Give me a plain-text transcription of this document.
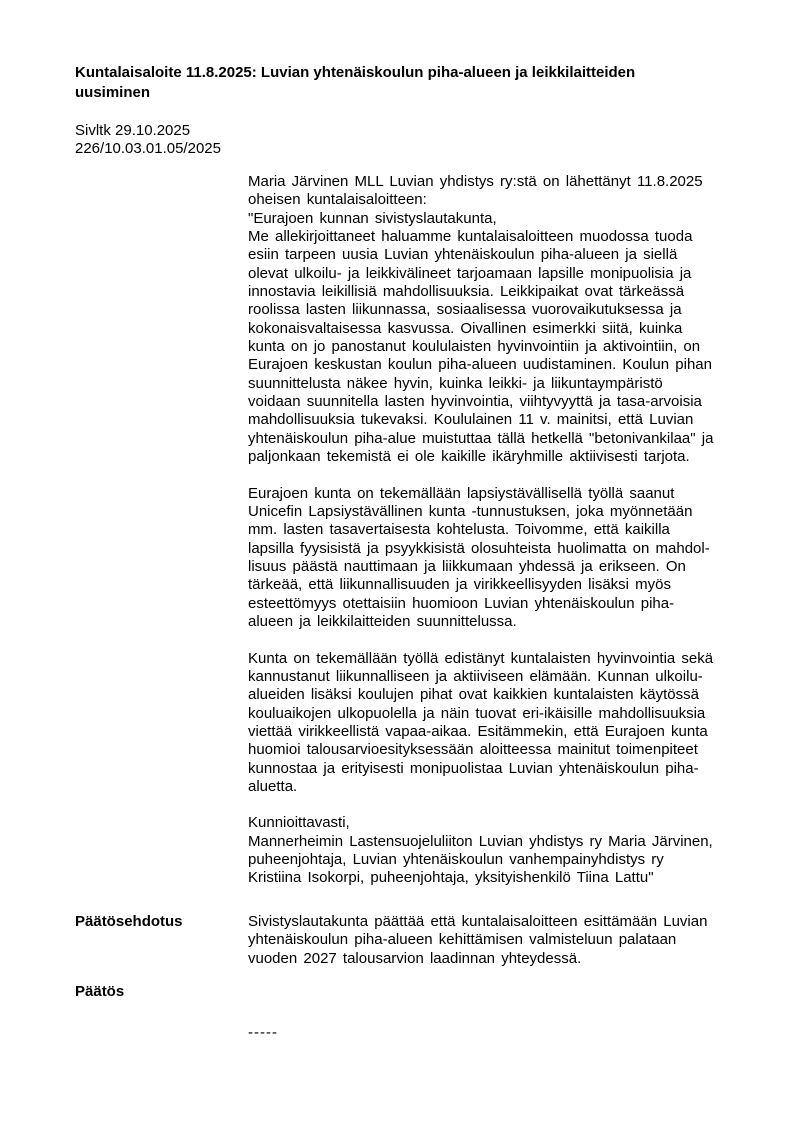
Kuntalaisaloite 11.8.2025: Luvian yhtenäiskoulun piha-alueen ja leikkilaitteiden
uusiminen
Sivltk 29.10.2025
226/10.03.01.05/2025
Maria Järvinen MLL Luvian yhdistys ry:stä on lähettänyt 11.8.2025
oheisen kuntalaisaloitteen:
"Eurajoen kunnan sivistyslautakunta,
Me allekirjoittaneet haluamme kuntalaisaloitteen muodossa tuoda
esiin tarpeen uusia Luvian yhtenäiskoulun piha-alueen ja siellä
olevat ulkoilu- ja leikkivälineet tarjoamaan lapsille monipuolisia ja
innostavia leikillisiä mahdollisuuksia. Leikkipaikat ovat tärkeässä
roolissa lasten liikunnassa, sosiaalisessa vuorovaikutuksessa ja
kokonaisvaltaisessa kasvussa. Oivallinen esimerkki siitä, kuinka
kunta on jo panostanut koululaisten hyvinvointiin ja aktivointiin, on
Eurajoen keskustan koulun piha-alueen uudistaminen. Koulun pihan
suunnittelusta näkee hyvin, kuinka leikki- ja liikuntaympäristö
voidaan suunnitella lasten hyvinvointia, viihtyvyyttä ja tasa-arvoisia
mahdollisuuksia tukevaksi. Koululainen 11 v. mainitsi, että Luvian
yhtenäiskoulun piha-alue muistuttaa tällä hetkellä "betonivankilaa" ja
paljonkaan tekemistä ei ole kaikille ikäryhmille aktiivisesti tarjota.
Eurajoen kunta on tekemällään lapsiystävällisellä työllä saanut
Unicefin Lapsiystävällinen kunta -tunnustuksen, joka myönnetään
mm. lasten tasavertaisesta kohtelusta. Toivomme, että kaikilla
lapsilla fyysisistä ja psyykkisistä olosuhteista huolimatta on mahdol-
lisuus päästä nauttimaan ja liikkumaan yhdessä ja erikseen. On
tärkeää, että liikunnallisuuden ja virikkeellisyyden lisäksi myös
esteettömyys otettaisiin huomioon Luvian yhtenäiskoulun piha-
alueen ja leikkilaitteiden suunnittelussa.
Kunta on tekemällään työllä edistänyt kuntalaisten hyvinvointia sekä
kannustanut liikunnalliseen ja aktiiviseen elämään. Kunnan ulkoilu-
alueiden lisäksi koulujen pihat ovat kaikkien kuntalaisten käytössä
kouluaikojen ulkopuolella ja näin tuovat eri-ikäisille mahdollisuuksia
viettää virikkeellistä vapaa-aikaa. Esitämmekin, että Eurajoen kunta
huomioi talousarvioesityksessään aloitteessa mainitut toimenpiteet
kunnostaa ja erityisesti monipuolistaa Luvian yhtenäiskoulun piha-
aluetta.
Kunnioittavasti,
Mannerheimin Lastensuojeluliiton Luvian yhdistys ry Maria Järvinen,
puheenjohtaja, Luvian yhtenäiskoulun vanhempainyhdistys ry
Kristiina Isokorpi, puheenjohtaja, yksityishenkilö Tiina Lattu"
Päätösehdotus	Sivistyslautakunta päättää että kuntalaisaloitteen esittämään Luvian
yhtenäiskoulun piha-alueen kehittämisen valmisteluun palataan
vuoden 2027 talousarvion laadinnan yhteydessä.
Päätös
-----
